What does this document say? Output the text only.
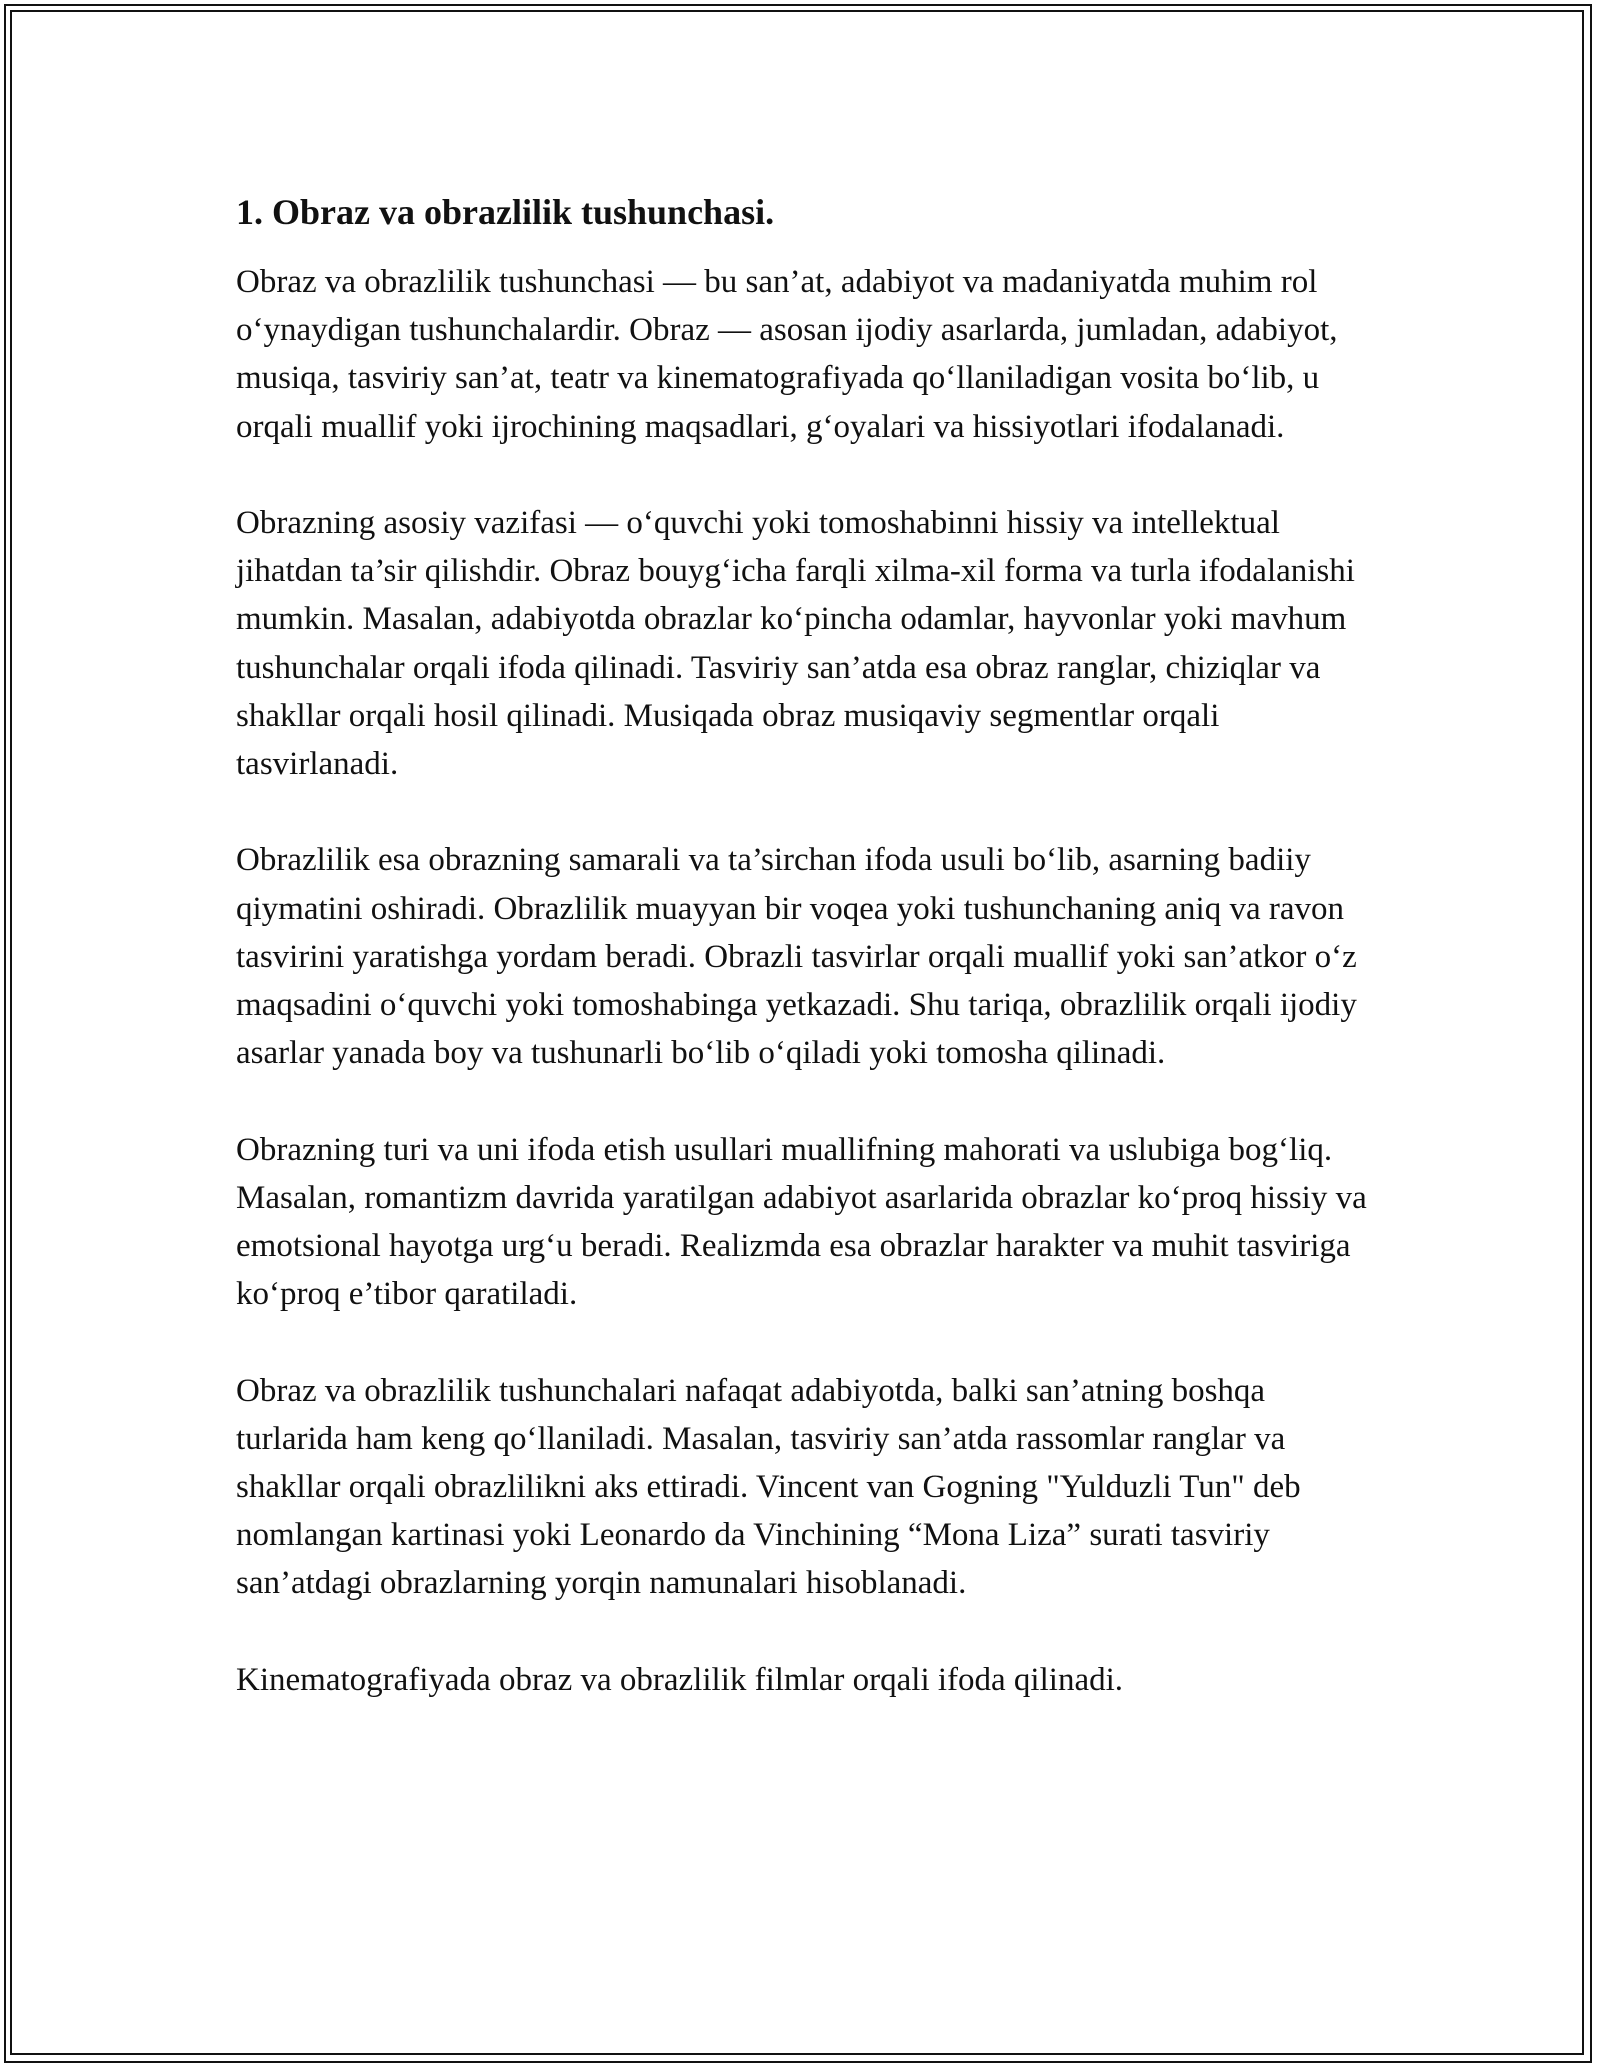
1. Obraz va obrazlilik tushunchasi.

Obraz va obrazlilik tushunchasi — bu san’at, adabiyot va madaniyatda muhim rol o‘ynaydigan tushunchalardir. Obraz — asosan ijodiy asarlarda, jumladan, adabiyot, musiqa, tasviriy san’at, teatr va kinematografiyada qo‘llaniladigan vosita bo‘lib, u orqali muallif yoki ijrochining maqsadlari, g‘oyalari va hissiyotlari ifodalanadi.

Obrazning asosiy vazifasi — o‘quvchi yoki tomoshabinni hissiy va intellektual jihatdan ta’sir qilishdir. Obraz bouyg‘icha farqli xilma-xil forma va turla ifodalanishi mumkin. Masalan, adabiyotda obrazlar ko‘pincha odamlar, hayvonlar yoki mavhum tushunchalar orqali ifoda qilinadi. Tasviriy san’atda esa obraz ranglar, chiziqlar va shakllar orqali hosil qilinadi. Musiqada obraz musiqaviy segmentlar orqali tasvirlanadi.

Obrazlilik esa obrazning samarali va ta’sirchan ifoda usuli bo‘lib, asarning badiiy qiymatini oshiradi. Obrazlilik muayyan bir voqea yoki tushunchaning aniq va ravon tasvirini yaratishga yordam beradi. Obrazli tasvirlar orqali muallif yoki san’atkor o‘z maqsadini o‘quvchi yoki tomoshabinga yetkazadi. Shu tariqa, obrazlilik orqali ijodiy asarlar yanada boy va tushunarli bo‘lib o‘qiladi yoki tomosha qilinadi.

Obrazning turi va uni ifoda etish usullari muallifning mahorati va uslubiga bog‘liq. Masalan, romantizm davrida yaratilgan adabiyot asarlarida obrazlar ko‘proq hissiy va emotsional hayotga urg‘u beradi. Realizmda esa obrazlar harakter va muhit tasviriga ko‘proq e’tibor qaratiladi.

Obraz va obrazlilik tushunchalari nafaqat adabiyotda, balki san’atning boshqa turlarida ham keng qo‘llaniladi. Masalan, tasviriy san’atda rassomlar ranglar va shakllar orqali obrazlilikni aks ettiradi. Vincent van Gogning "Yulduzli Tun" deb nomlangan kartinasi yoki Leonardo da Vinchining “Mona Liza” surati tasviriy san’atdagi obrazlarning yorqin namunalari hisoblanadi.

Kinematografiyada obraz va obrazlilik filmlar orqali ifoda qilinadi.
